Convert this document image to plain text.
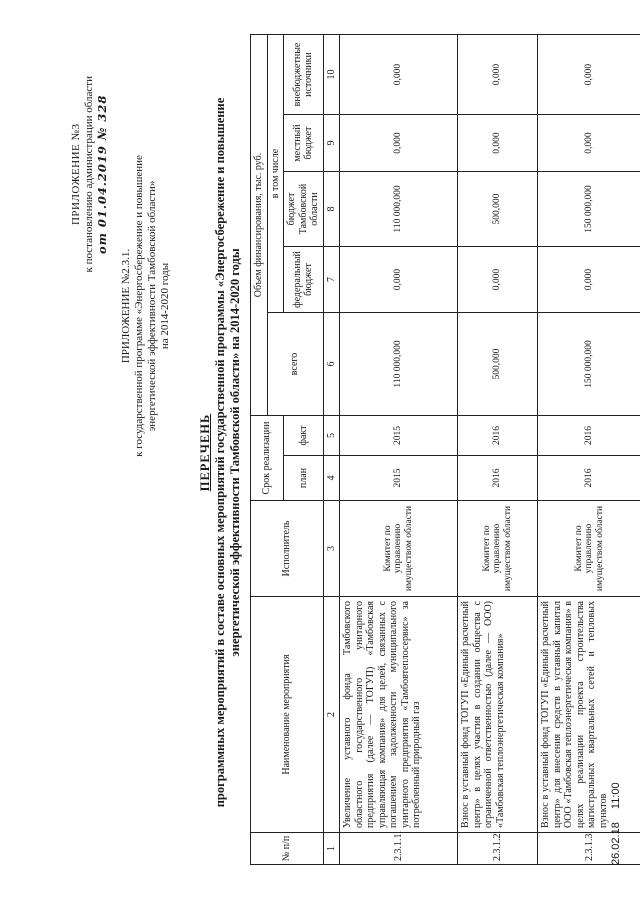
ПРИЛОЖЕНИЕ №3 к постановлению администрации области от 01.04.2019 № 328
ПРИЛОЖЕНИЕ №2.3.1. к государственной программе «Энергосбережение и повышение энергетической эффективности Тамбовской области» на 2014-2020 годы
ПЕРЕЧЕНЬ программных мероприятий в составе основных мероприятий государственной программы «Энергосбережение и повышение энергетической эффективности Тамбовской области» на 2014-2020 годы
№ п/п	Наименование мероприятия	Исполнитель	Срок реализации		Объем финансирования, тыс. руб.				
					всего	в том числе			
			план	факт		федеральный бюджет	бюджет Тамбовской области	местный бюджет	внебюджетные источники
1	2	3	4	5	6	7	8	9	10
2.3.1.1.	Увеличение уставного фонда Тамбовского областного государственного унитарного предприятия (далее — ТОГУП) «Тамбовская управляющая компания» для целей, связанных с погашением задолженности муниципального унитарного предприятия «Тамбовтеплосервис» за потребленный природный газ	Комитет по управлению имуществом области	2015	2015	110 000,000	0,000	110 000,000	0,000	0,000
2.3.1.2.	Взнос в уставный фонд ТОГУП «Единый расчетный центр» в целях участия в создании общества с ограниченной ответственностью (далее — ООО) «Тамбовская теплоэнергетическая компания»	Комитет по управлению имуществом области	2016	2016	500,000	0,000	500,000	0,000	0,000
2.3.1.3.	Взнос в уставный фонд ТОГУП «Единый расчетный центр» для внесения средств в уставный капитал ООО «Тамбовская теплоэнергетическая компания» в целях реализации проекта строительства магистральных квартальных сетей и тепловых пунктов	Комитет по управлению имуществом области	2016	2016	150 000,000	0,000	150 000,000	0,000	0,000
26.02.18 11:00
